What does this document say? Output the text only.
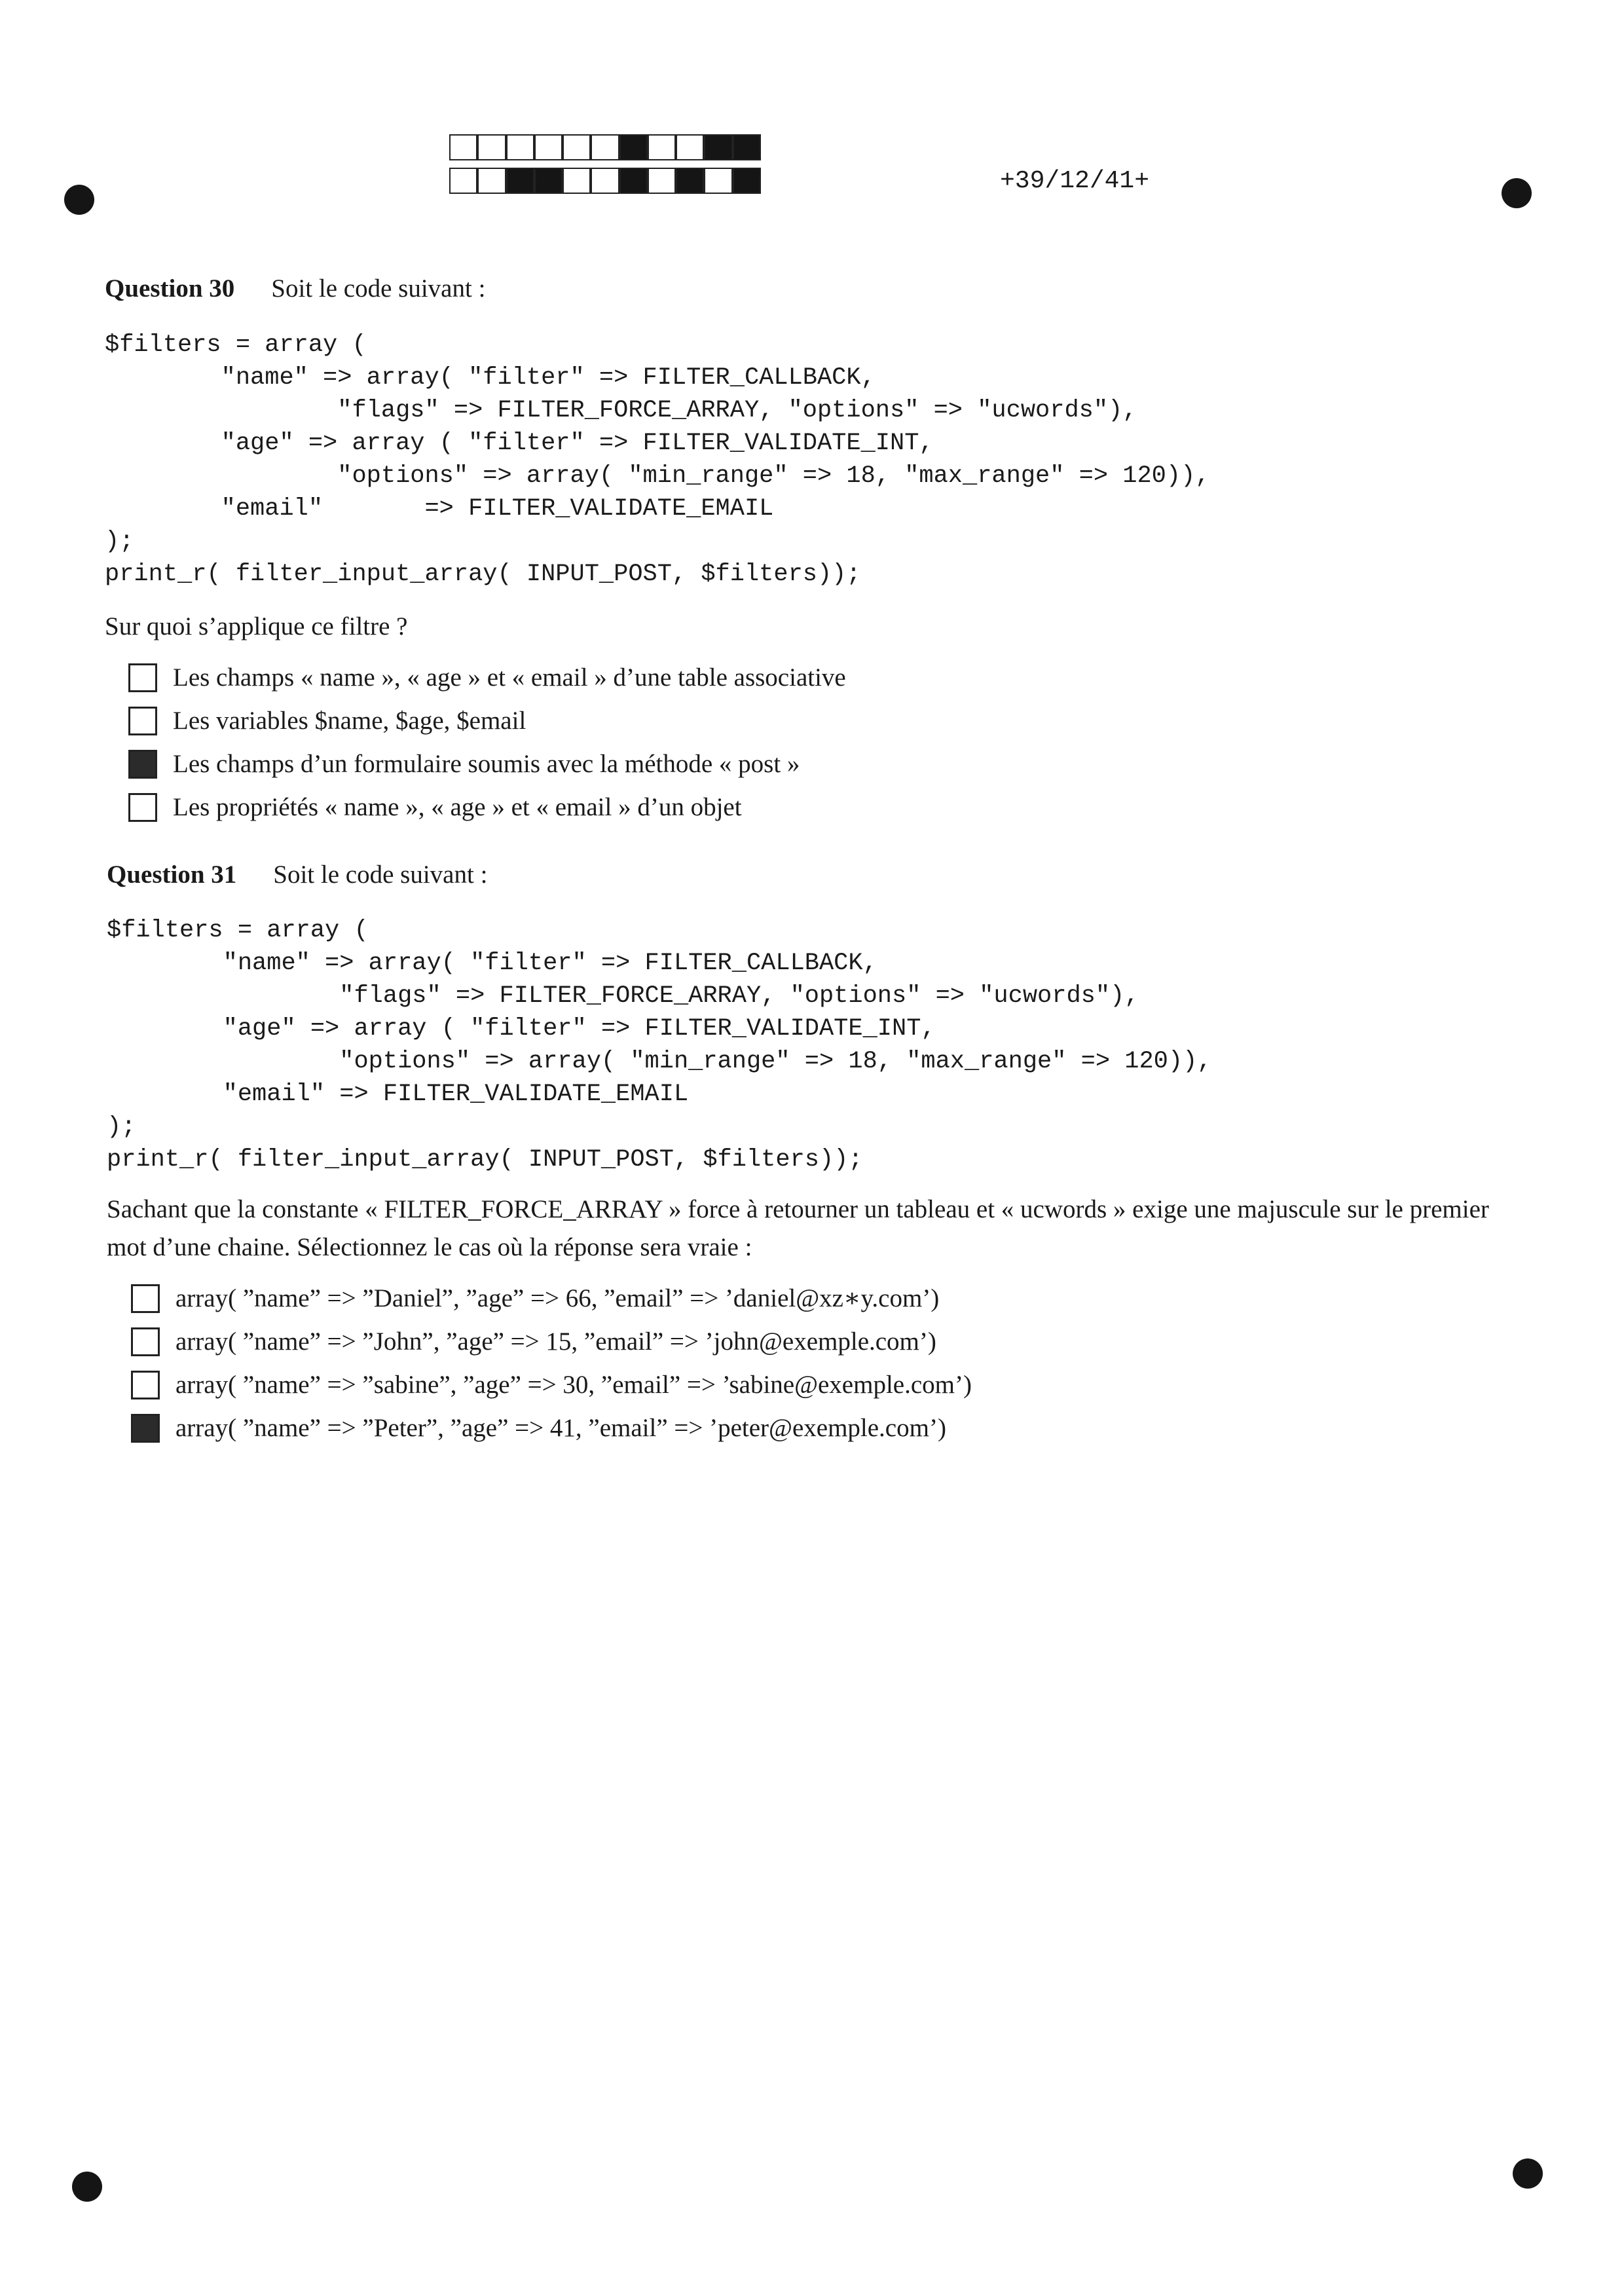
+39/12/41+
Question 30 Soit le code suivant :
$filters = array (
"name" => array( "filter" => FILTER_CALLBACK,
"flags" => FILTER_FORCE_ARRAY, "options" => "ucwords"),
"age" => array ( "filter" => FILTER_VALIDATE_INT,
"options" => array( "min_range" => 18, "max_range" => 120)),
"email"       => FILTER_VALIDATE_EMAIL
);
print_r( filter_input_array( INPUT_POST, $filters));
Sur quoi s’applique ce filtre ?
Les champs « name », « age » et « email » d’une table associative
Les variables $name, $age, $email
Les champs d’un formulaire soumis avec la méthode « post »
Les propriétés « name », « age » et « email » d’un objet
Question 31 Soit le code suivant :
$filters = array (
"name" => array( "filter" => FILTER_CALLBACK,
"flags" => FILTER_FORCE_ARRAY, "options" => "ucwords"),
"age" => array ( "filter" => FILTER_VALIDATE_INT,
"options" => array( "min_range" => 18, "max_range" => 120)),
"email" => FILTER_VALIDATE_EMAIL
);
print_r( filter_input_array( INPUT_POST, $filters));
Sachant que la constante « FILTER_FORCE_ARRAY » force à retourner un tableau et « ucwords » exige une majuscule sur le premier mot d’une chaine. Sélectionnez le cas où la réponse sera vraie :
array( ”name” => ”Daniel”, ”age” => 66, ”email” => ’daniel@xz∗y.com’)
array( ”name” => ”John”, ”age” => 15, ”email” => ’john@exemple.com’)
array( ”name” => ”sabine”, ”age” => 30, ”email” => ’sabine@exemple.com’)
array( ”name” => ”Peter”, ”age” => 41, ”email” => ’peter@exemple.com’)
